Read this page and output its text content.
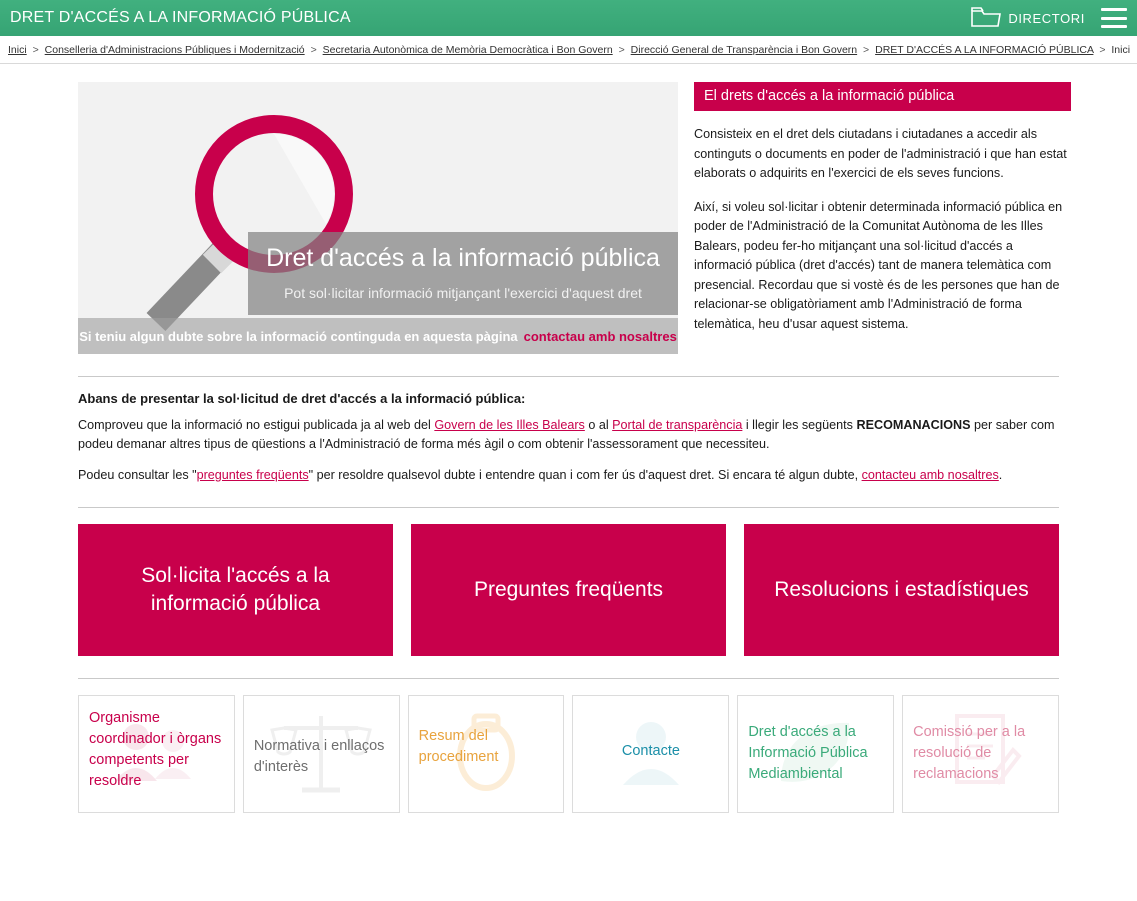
DRET D'ACCÉS A LA INFORMACIÓ PÚBLICA	DIRECTORI
Inici > Conselleria d'Administracions Públiques i Modernització > Secretaria Autonòmica de Memòria Democràtica i Bon Govern > Direcció General de Transparència i Bon Govern > DRET D'ACCÉS A LA INFORMACIÓ PÚBLICA > Inici
Dret d'accés a la informació pública

Pot sol·licitar informació mitjançant l'exercici d'aquest dret

Si teniu algun dubte sobre la informació continguda en aquesta pàgina contactau amb nosaltres
El drets d'accés a la informació pública

Consisteix en el dret dels ciutadans i ciutadanes a accedir als continguts o documents en poder de l'administració i que han estat elaborats o adquirits en l'exercici de els seves funcions.

Així, si voleu sol·licitar i obtenir determinada informació pública en poder de l'Administració de la Comunitat Autònoma de les Illes Balears, podeu fer-ho mitjançant una sol·licitud d'accés a informació pública (dret d'accés) tant de manera telemàtica com presencial. Recordau que si vostè és de les persones que han de relacionar-se obligatòriament amb l'Administració de forma telemàtica, heu d'usar aquest sistema.

Abans de presentar la sol·licitud de dret d'accés a la informació pública:

Comproveu que la informació no estigui publicada ja al web del Govern de les Illes Balears o al Portal de transparència i llegir les següents RECOMANACIONS per saber com podeu demanar altres tipus de qüestions a l'Administració de forma més àgil o com obtenir l'assessorament que necessiteu.

Podeu consultar les "preguntes freqüents" per resoldre qualsevol dubte i entendre quan i com fer ús d'aquest dret. Si encara té algun dubte, contacteu amb nosaltres.

Sol·licita l'accés a la informació pública
Preguntes freqüents	Resolucions i estadístiques
Organisme coordinador i òrgans competents per resoldre
Normativa i enllaços d'interès
Resum del procediment	Contacte
Dret d'accés a la Informació Pública Mediambiental
Comissió per a la resolució de reclamacions
